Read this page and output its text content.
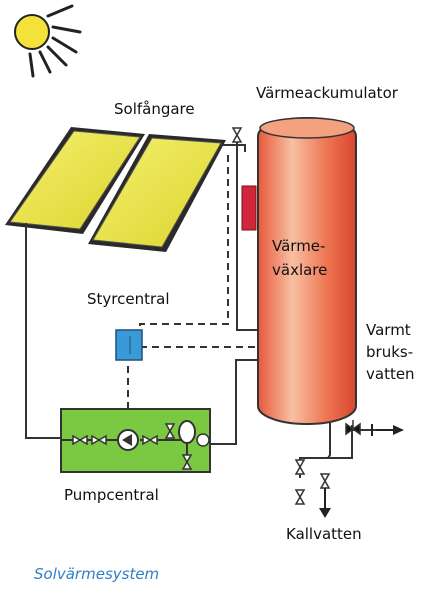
Solfångare
Värmeackumulator
Värme-
växlare
Styrcentral
Varmt
bruks-
vatten
Pumpcentral
Kallvatten
Solvärmesystem
